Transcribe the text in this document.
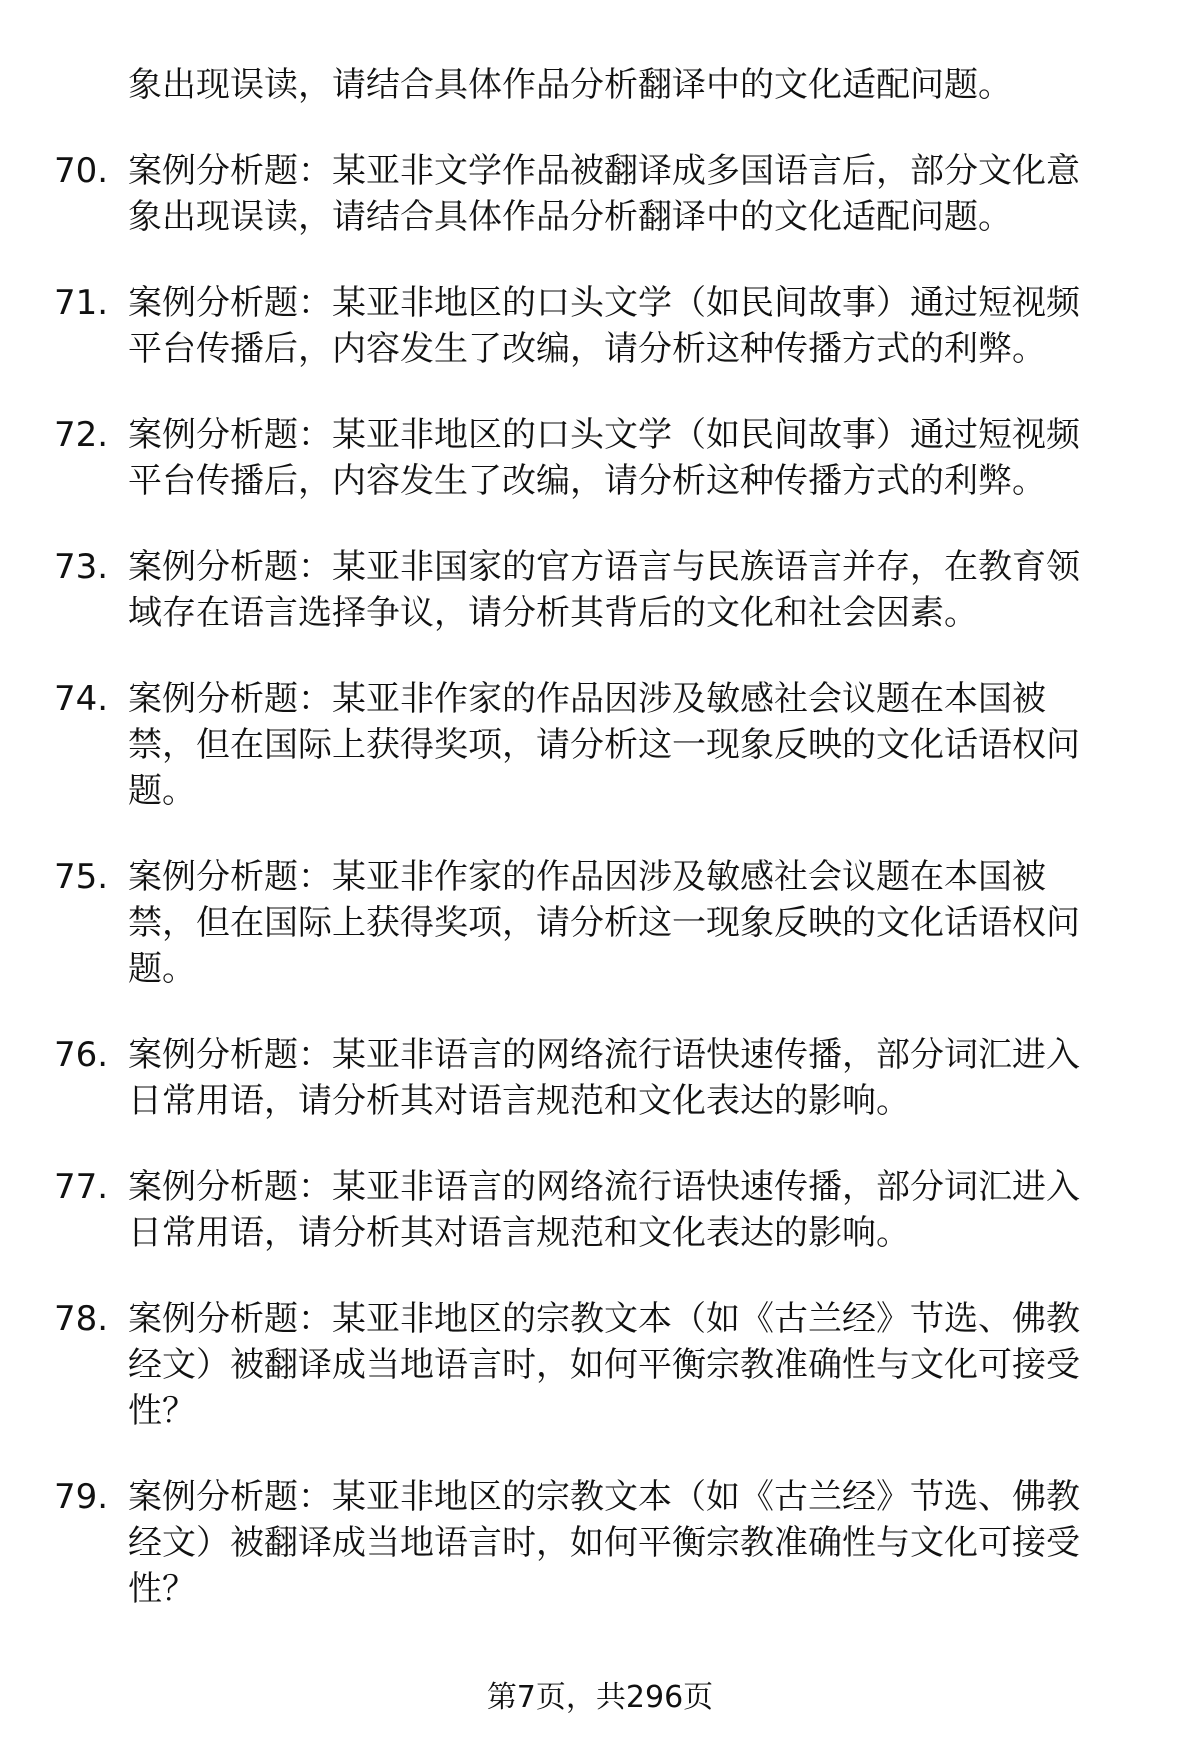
象出现误读，请结合具体作品分析翻译中的文化适配问题。
70. 案例分析题：某亚非文学作品被翻译成多国语言后，部分文化意
象出现误读，请结合具体作品分析翻译中的文化适配问题。
71. 案例分析题：某亚非地区的口头文学（如民间故事）通过短视频
平台传播后，内容发生了改编，请分析这种传播方式的利弊。
72. 案例分析题：某亚非地区的口头文学（如民间故事）通过短视频
平台传播后，内容发生了改编，请分析这种传播方式的利弊。
73. 案例分析题：某亚非国家的官方语言与民族语言并存，在教育领
域存在语言选择争议，请分析其背后的文化和社会因素。
74. 案例分析题：某亚非作家的作品因涉及敏感社会议题在本国被
禁，但在国际上获得奖项，请分析这一现象反映的文化话语权问
题。
75. 案例分析题：某亚非作家的作品因涉及敏感社会议题在本国被
禁，但在国际上获得奖项，请分析这一现象反映的文化话语权问
题。
76. 案例分析题：某亚非语言的网络流行语快速传播，部分词汇进入
日常用语，请分析其对语言规范和文化表达的影响。
77. 案例分析题：某亚非语言的网络流行语快速传播，部分词汇进入
日常用语，请分析其对语言规范和文化表达的影响。
78. 案例分析题：某亚非地区的宗教文本（如《古兰经》节选、佛教
经文）被翻译成当地语言时，如何平衡宗教准确性与文化可接受
性？
79. 案例分析题：某亚非地区的宗教文本（如《古兰经》节选、佛教
经文）被翻译成当地语言时，如何平衡宗教准确性与文化可接受
性？
第7页，共296页
